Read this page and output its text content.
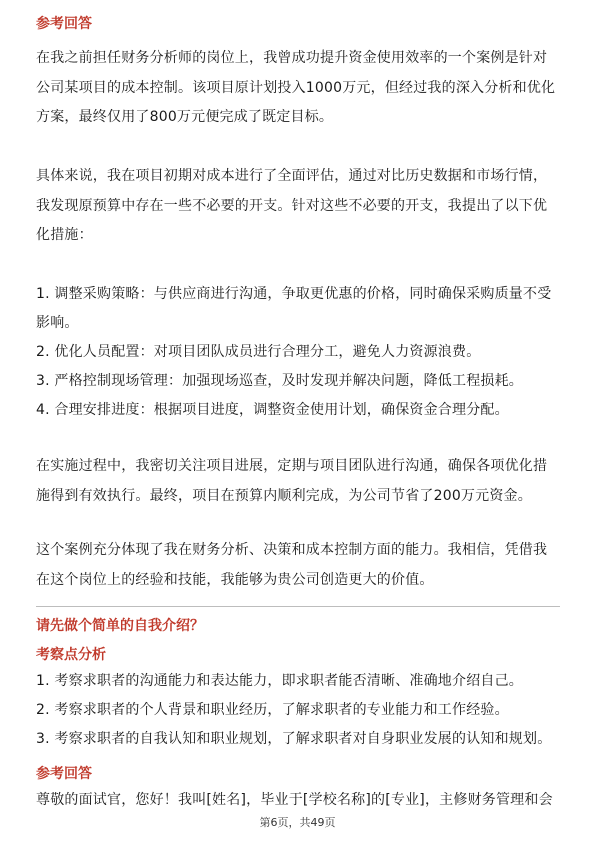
参考回答
在我之前担任财务分析师的岗位上，我曾成功提升资金使用效率的一个案例是针对公司某项目的成本控制。该项目原计划投入1000万元，但经过我的深入分析和优化方案，最终仅用了800万元便完成了既定目标。
具体来说，我在项目初期对成本进行了全面评估，通过对比历史数据和市场行情，我发现原预算中存在一些不必要的开支。针对这些不必要的开支，我提出了以下优化措施：
1. 调整采购策略：与供应商进行沟通，争取更优惠的价格，同时确保采购质量不受影响。
2. 优化人员配置：对项目团队成员进行合理分工，避免人力资源浪费。
3. 严格控制现场管理：加强现场巡查，及时发现并解决问题，降低工程损耗。
4. 合理安排进度：根据项目进度，调整资金使用计划，确保资金合理分配。
在实施过程中，我密切关注项目进展，定期与项目团队进行沟通，确保各项优化措施得到有效执行。最终，项目在预算内顺利完成，为公司节省了200万元资金。
这个案例充分体现了我在财务分析、决策和成本控制方面的能力。我相信，凭借我在这个岗位上的经验和技能，我能够为贵公司创造更大的价值。
请先做个简单的自我介绍？
考察点分析
1. 考察求职者的沟通能力和表达能力，即求职者能否清晰、准确地介绍自己。
2. 考察求职者的个人背景和职业经历，了解求职者的专业能力和工作经验。
3. 考察求职者的自我认知和职业规划，了解求职者对自身职业发展的认知和规划。
参考回答
尊敬的面试官，您好！我叫[姓名]，毕业于[学校名称]的[专业]，主修财务管理和会
第6页，共49页
